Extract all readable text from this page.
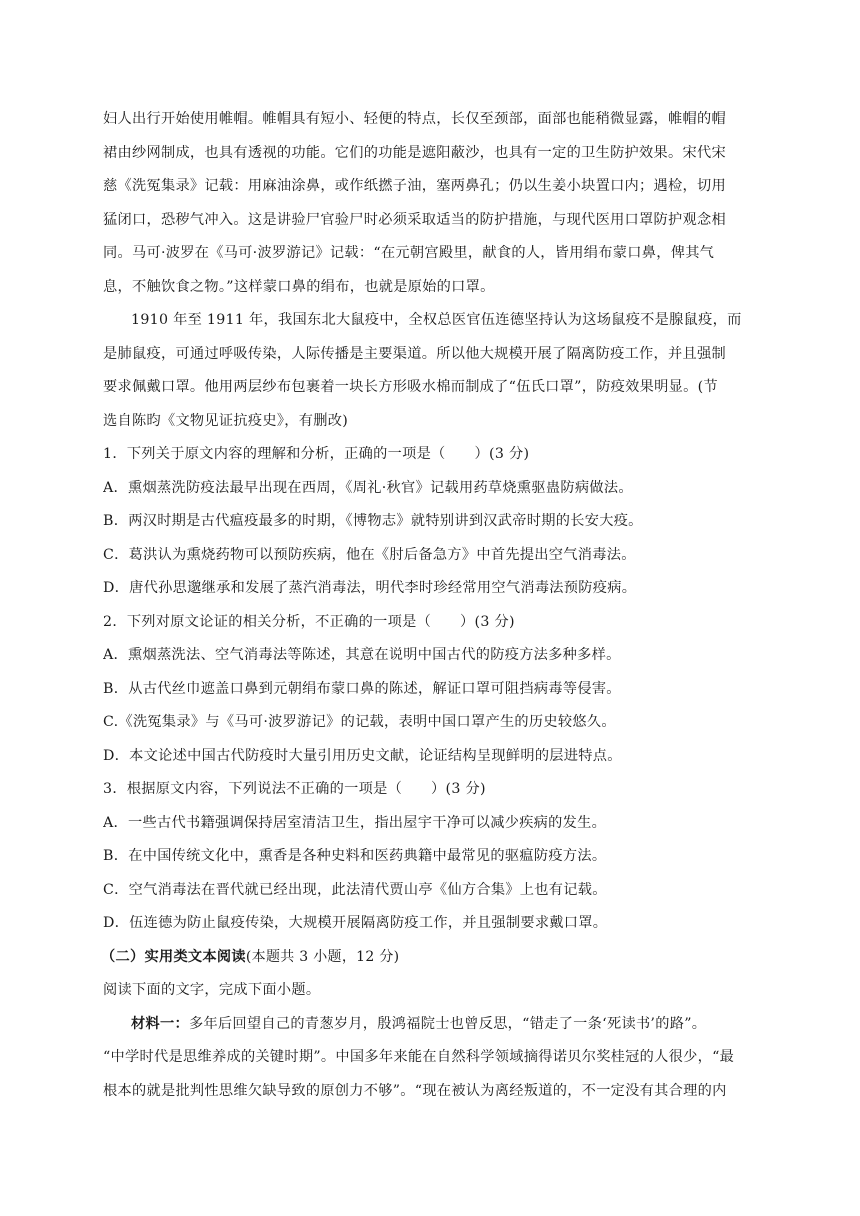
妇人出行开始使用帷帽。帷帽具有短小、轻便的特点，长仅至颈部，面部也能稍微显露，帷帽的帽
裙由纱网制成，也具有透视的功能。它们的功能是遮阳蔽沙，也具有一定的卫生防护效果。宋代宋
慈《洗冤集录》记载：用麻油涂鼻，或作纸撚子油，塞两鼻孔；仍以生姜小块置口内；遇检，切用
猛闭口，恐秽气冲入。这是讲验尸官验尸时必须采取适当的防护措施，与现代医用口罩防护观念相
同。马可·波罗在《马可·波罗游记》记载：“在元朝宫殿里，献食的人，皆用绢布蒙口鼻，俾其气
息，不触饮食之物。”这样蒙口鼻的绢布，也就是原始的口罩。
1910 年至 1911 年，我国东北大鼠疫中，全权总医官伍连德坚持认为这场鼠疫不是腺鼠疫，而
是肺鼠疫，可通过呼吸传染，人际传播是主要渠道。所以他大规模开展了隔离防疫工作，并且强制
要求佩戴口罩。他用两层纱布包裹着一块长方形吸水棉而制成了“伍氏口罩”，防疫效果明显。(节
选自陈昀《文物见证抗疫史》，有删改)
1．下列关于原文内容的理解和分析，正确的一项是（　　）(3 分)
A．熏烟蒸洗防疫法最早出现在西周，《周礼·秋官》记载用药草烧熏驱蛊防病做法。
B．两汉时期是古代瘟疫最多的时期，《博物志》就特别讲到汉武帝时期的长安大疫。
C．葛洪认为熏烧药物可以预防疾病，他在《肘后备急方》中首先提出空气消毒法。
D．唐代孙思邈继承和发展了蒸汽消毒法，明代李时珍经常用空气消毒法预防疫病。
2．下列对原文论证的相关分析，不正确的一项是（　　）(3 分)
A．熏烟蒸洗法、空气消毒法等陈述，其意在说明中国古代的防疫方法多种多样。
B．从古代丝巾遮盖口鼻到元朝绢布蒙口鼻的陈述，解证口罩可阻挡病毒等侵害。
C.《洗冤集录》与《马可·波罗游记》的记载，表明中国口罩产生的历史较悠久。
D．本文论述中国古代防疫时大量引用历史文献，论证结构呈现鲜明的层进特点。
3．根据原文内容，下列说法不正确的一项是（　　）(3 分)
A．一些古代书籍强调保持居室清洁卫生，指出屋宇干净可以减少疾病的发生。
B．在中国传统文化中，熏香是各种史料和医药典籍中最常见的驱瘟防疫方法。
C．空气消毒法在晋代就已经出现，此法清代贾山亭《仙方合集》上也有记载。
D．伍连德为防止鼠疫传染，大规模开展隔离防疫工作，并且强制要求戴口罩。
（二）实用类文本阅读(本题共 3 小题，12 分)
阅读下面的文字，完成下面小题。
材料一：多年后回望自己的青葱岁月，殷鸿福院士也曾反思，“错走了一条‘死读书’的路”。
“中学时代是思维养成的关键时期”。中国多年来能在自然科学领域摘得诺贝尔奖桂冠的人很少，“最
根本的就是批判性思维欠缺导致的原创力不够”。“现在被认为离经叛道的，不一定没有其合理的内
